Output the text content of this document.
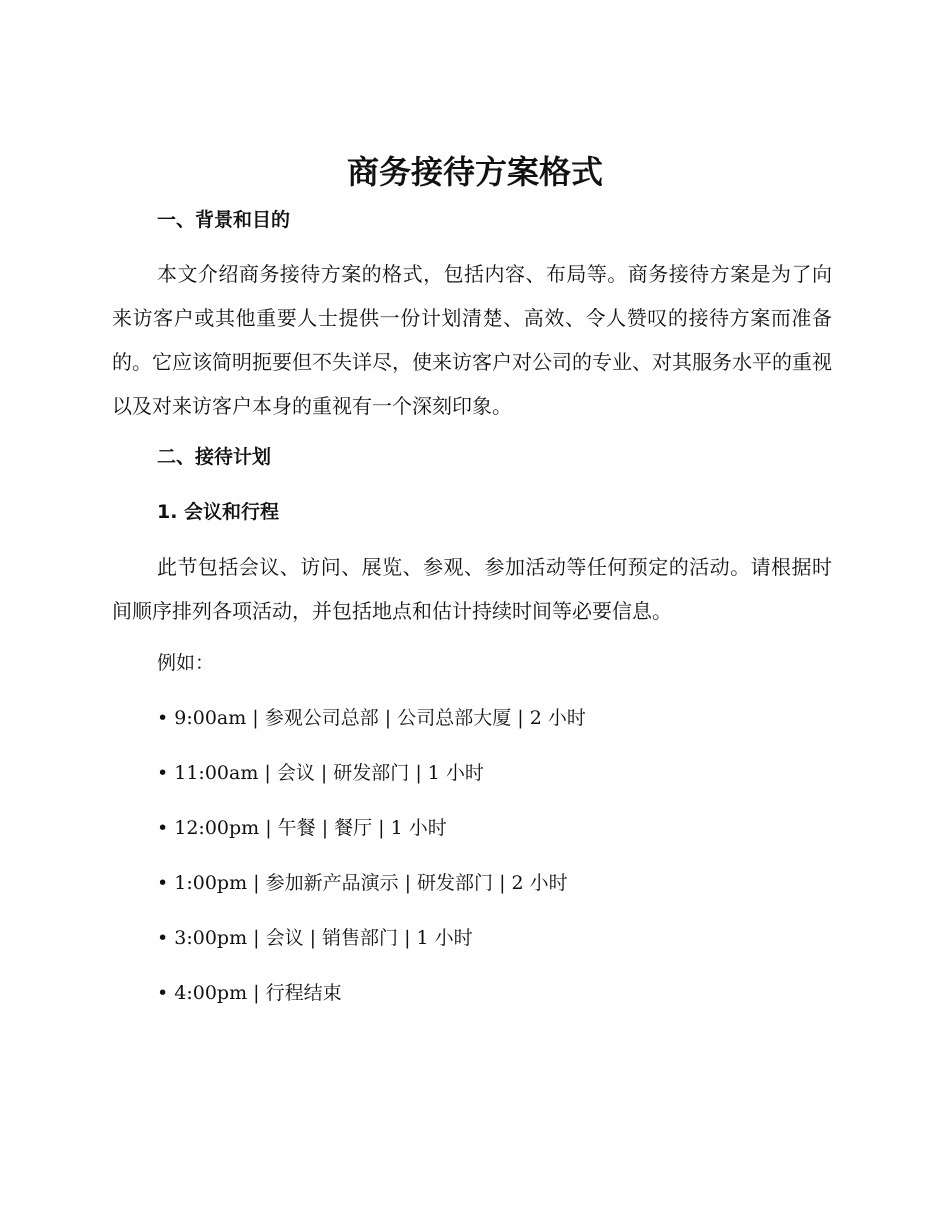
商务接待方案格式
一、背景和目的

本文介绍商务接待方案的格式，包括内容、布局等。商务接待方案是为了向来访客户或其他重要人士提供一份计划清楚、高效、令人赞叹的接待方案而准备的。它应该简明扼要但不失详尽，使来访客户对公司的专业、对其服务水平的重视以及对来访客户本身的重视有一个深刻印象。

二、接待计划
1. 会议和行程

此节包括会议、访问、展览、参观、参加活动等任何预定的活动。请根据时间顺序排列各项活动，并包括地点和估计持续时间等必要信息。

例如：

• 9:00am | 参观公司总部 | 公司总部大厦 | 2 小时

• 11:00am | 会议 | 研发部门 | 1 小时

• 12:00pm | 午餐 | 餐厅 | 1 小时

• 1:00pm | 参加新产品演示 | 研发部门 | 2 小时

• 3:00pm | 会议 | 销售部门 | 1 小时

• 4:00pm | 行程结束
